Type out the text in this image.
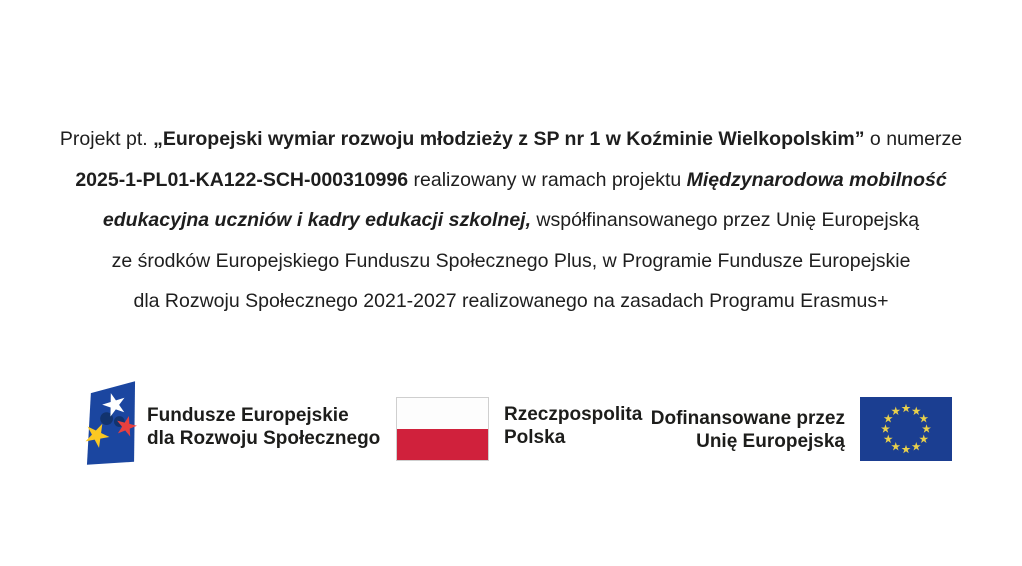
Projekt pt. „Europejski wymiar rozwoju młodzieży z SP nr 1 w Koźminie Wielkopolskim” o numerze
2025-1-PL01-KA122-SCH-000310996 realizowany w ramach projektu Międzynarodowa mobilność
edukacyjna uczniów i kadry edukacji szkolnej, współfinansowanego przez Unię Europejską
ze środków Europejskiego Funduszu Społecznego Plus, w Programie Fundusze Europejskie
dla Rozwoju Społecznego 2021-2027 realizowanego na zasadach Programu Erasmus+
Fundusze Europejskie
dla Rozwoju Społecznego
Rzeczpospolita
Polska
Dofinansowane przez
Unię Europejską
